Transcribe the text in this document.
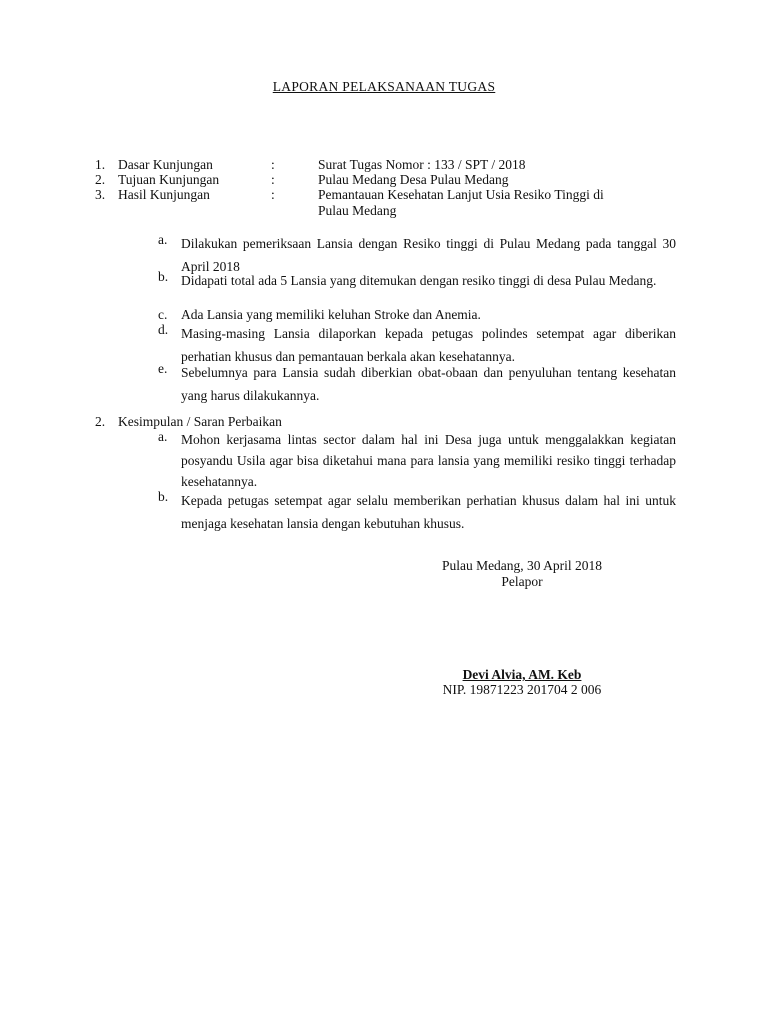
LAPORAN PELAKSANAAN TUGAS
1. Dasar Kunjungan	:	Surat Tugas Nomor : 133 / SPT / 2018
2. Tujuan Kunjungan	:	Pulau Medang Desa Pulau Medang
3. Hasil Kunjungan	:	Pemantauan Kesehatan Lanjut Usia Resiko Tinggi di
Pulau Medang
a. Dilakukan pemeriksaan Lansia dengan Resiko tinggi di Pulau Medang pada tanggal 30 April 2018
b. Didapati total ada 5 Lansia yang ditemukan dengan resiko tinggi di desa Pulau Medang.
c. Ada Lansia yang memiliki keluhan Stroke dan Anemia.
d. Masing-masing Lansia dilaporkan kepada petugas polindes setempat agar diberikan perhatian khusus dan pemantauan berkala akan kesehatannya.
e. Sebelumnya para Lansia sudah diberkian obat-obaan dan penyuluhan tentang kesehatan yang harus dilakukannya.
2. Kesimpulan / Saran Perbaikan
a. Mohon kerjasama lintas sector dalam hal ini Desa juga untuk menggalakkan kegiatan posyandu Usila agar bisa diketahui mana para lansia yang memiliki resiko tinggi terhadap kesehatannya.
b. Kepada petugas setempat agar selalu memberikan perhatian khusus dalam hal ini untuk menjaga kesehatan lansia dengan kebutuhan khusus.
Pulau Medang, 30 April 2018
Pelapor
Devi Alvia, AM. Keb
NIP. 19871223 201704 2 006
